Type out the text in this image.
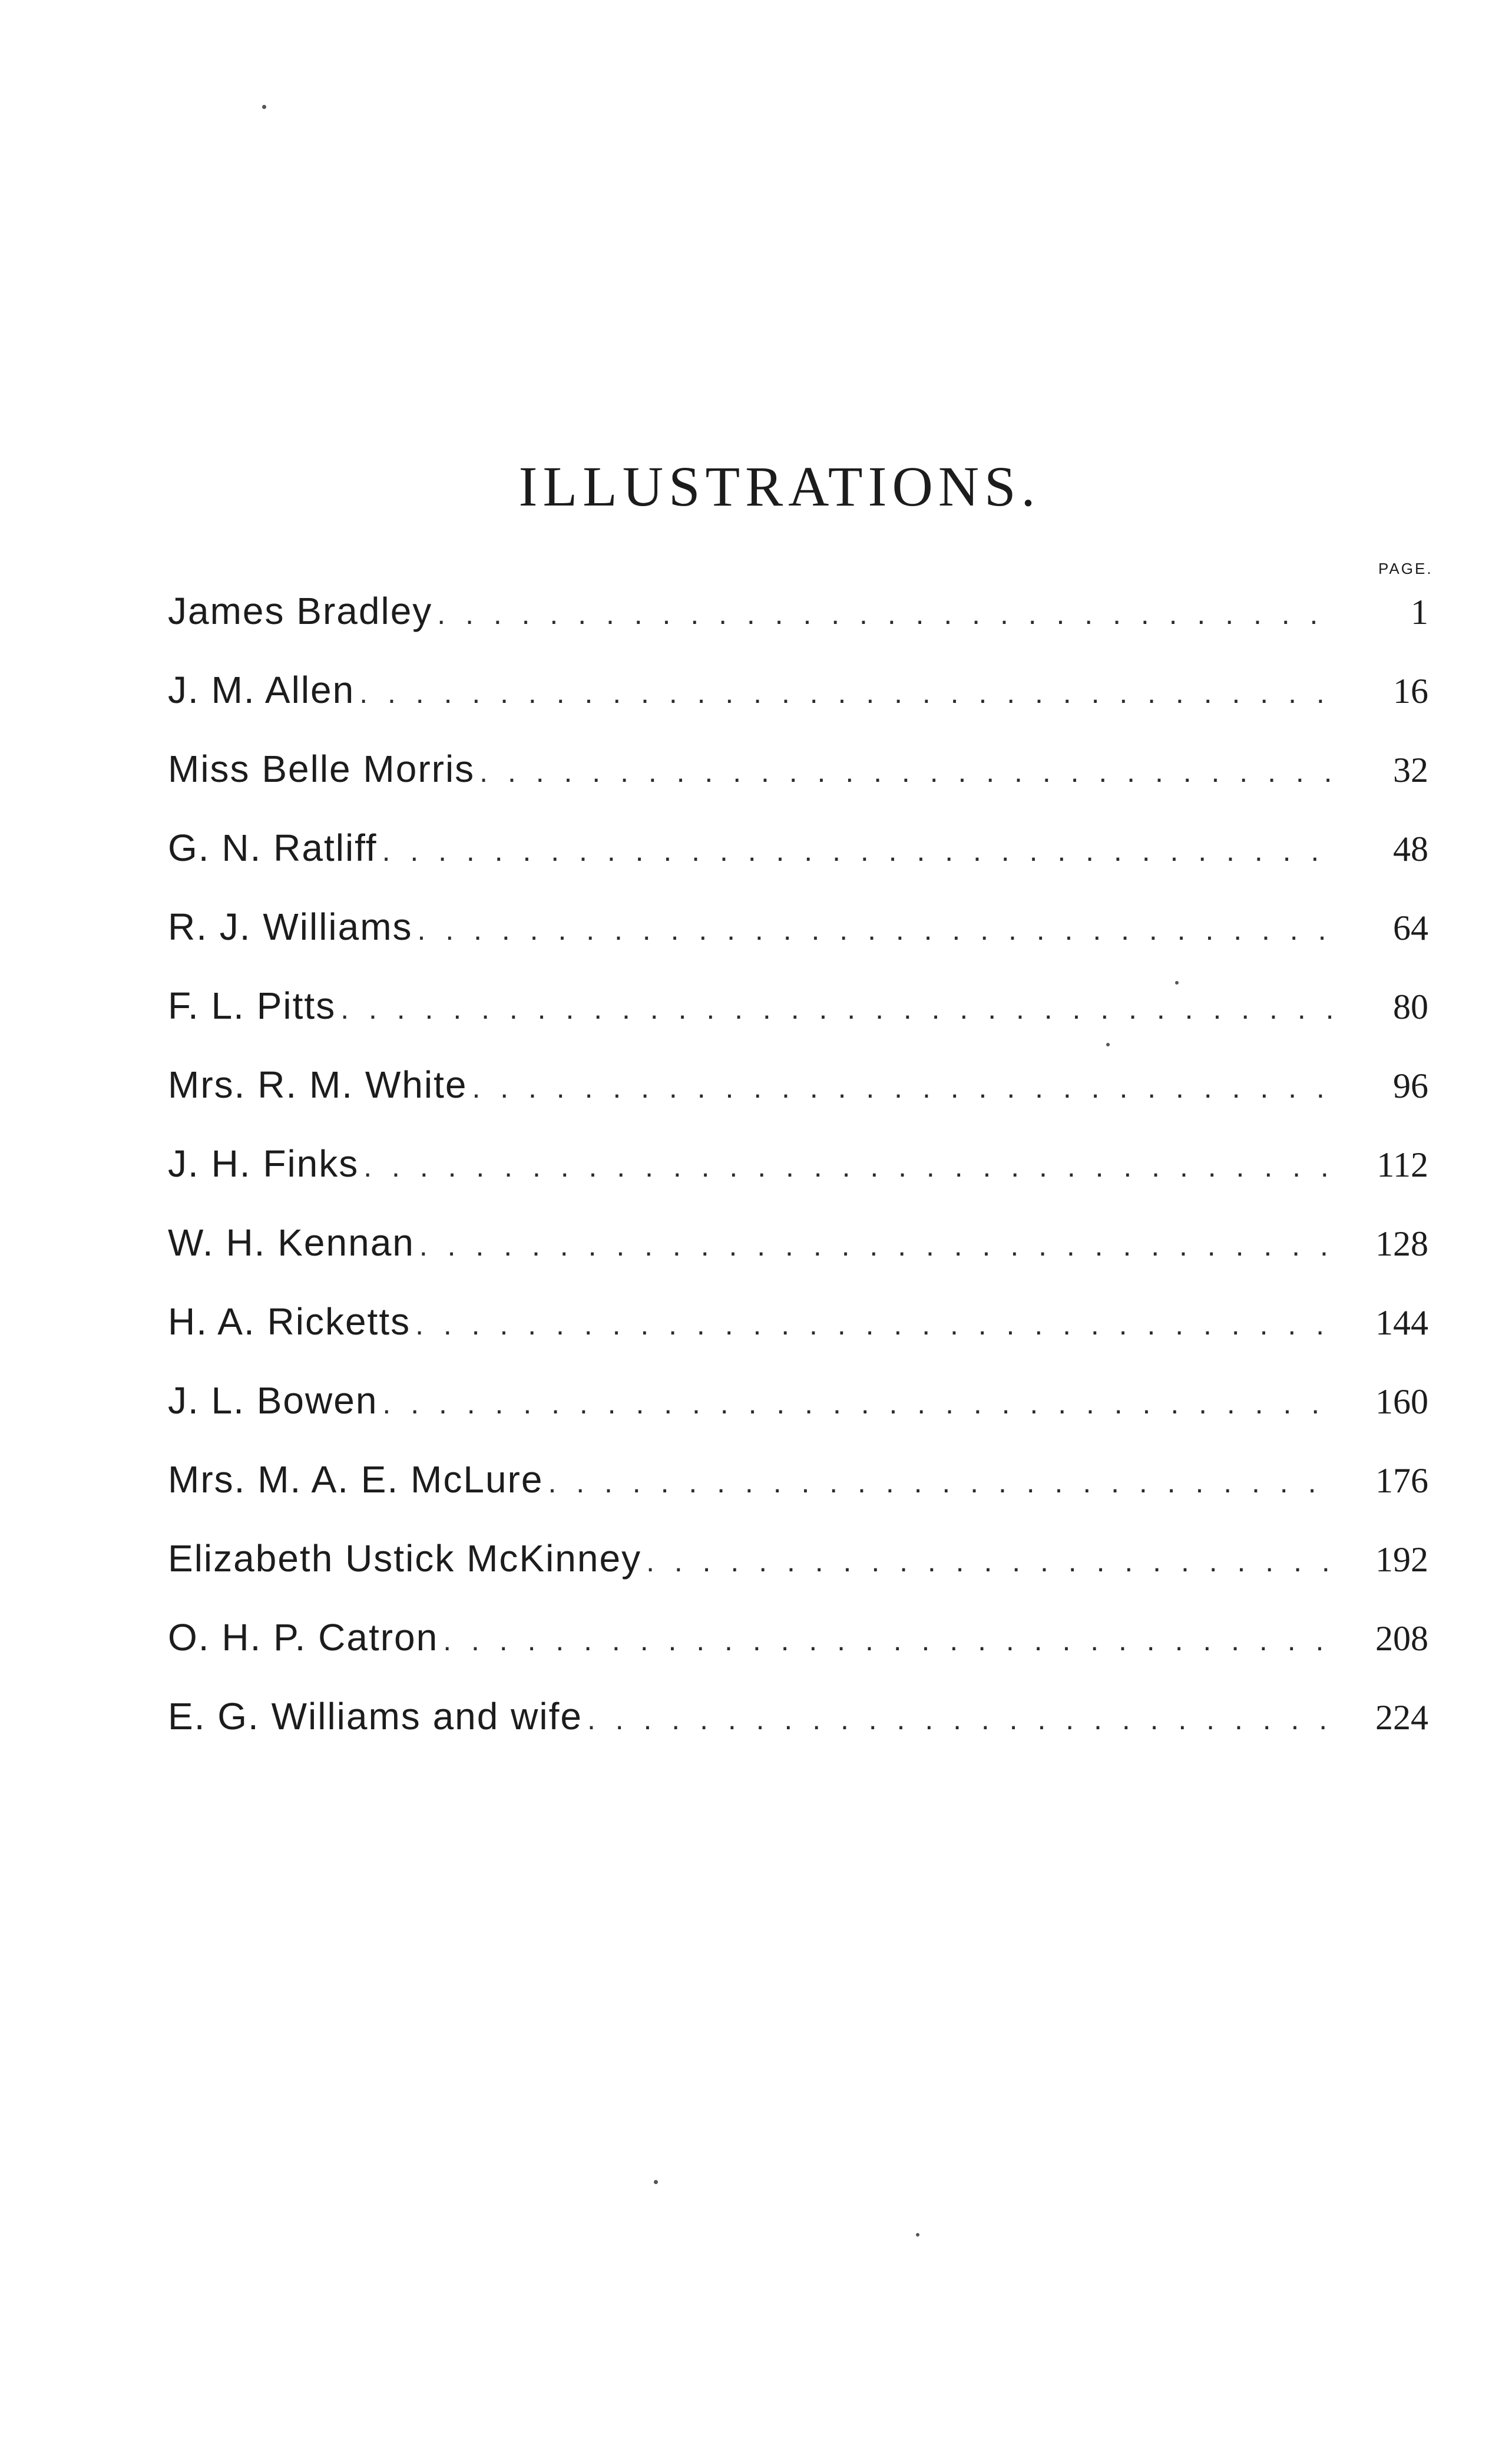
ILLUSTRATIONS.
PAGE.
James Bradley . . .	1
J. M. Allen . . .	16
Miss Belle Morris . . .	32
G. N. Ratliff . . .	48
R. J. Williams . . .	64
F. L. Pitts . . .	80
Mrs. R. M. White . . .	96
J. H. Finks . . .	112
W. H. Kennan . . .	128
H. A. Ricketts . . .	144
J. L. Bowen . . .	160
Mrs. M. A. E. McLure . . .	176
Elizabeth Ustick McKinney . . .	192
O. H. P. Catron . . .	208
E. G. Williams and wife . . .	224
